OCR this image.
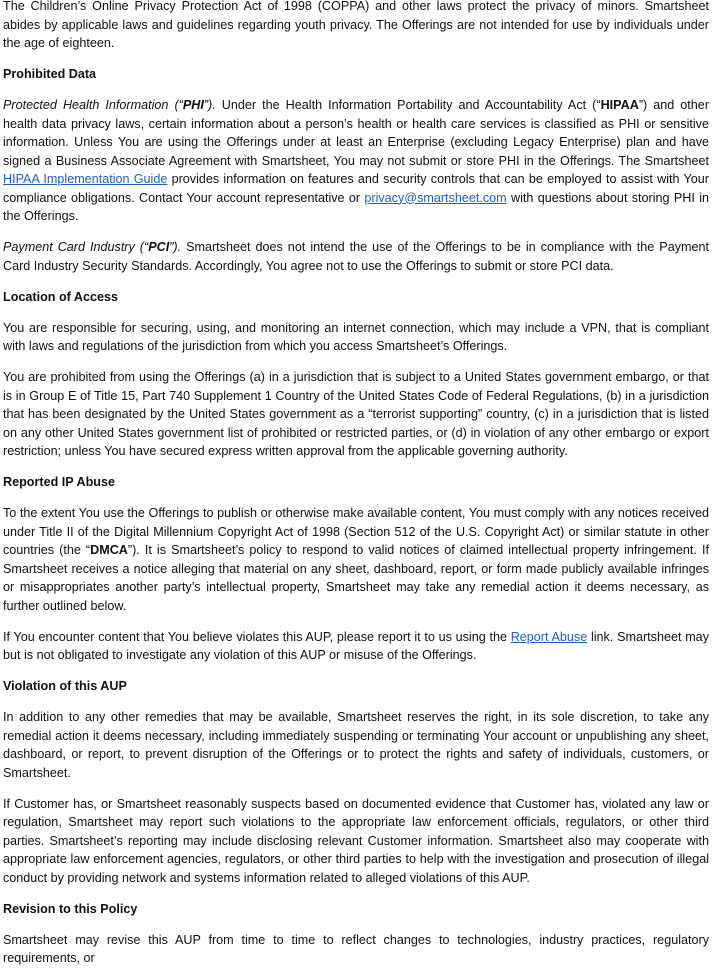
The Children’s Online Privacy Protection Act of 1998 (COPPA) and other laws protect the privacy of minors. Smartsheet abides by applicable laws and guidelines regarding youth privacy. The Offerings are not intended for use by individuals under the age of eighteen.

Prohibited Data

Protected Health Information (“PHI”). Under the Health Information Portability and Accountability Act (“HIPAA”) and other health data privacy laws, certain information about a person’s health or health care services is classified as PHI or sensitive information. Unless You are using the Offerings under at least an Enterprise (excluding Legacy Enterprise) plan and have signed a Business Associate Agreement with Smartsheet, You may not submit or store PHI in the Offerings. The Smartsheet HIPAA Implementation Guide provides information on features and security controls that can be employed to assist with Your compliance obligations. Contact Your account representative or privacy@smartsheet.com with questions about storing PHI in the Offerings.

Payment Card Industry (“PCI”). Smartsheet does not intend the use of the Offerings to be in compliance with the Payment Card Industry Security Standards. Accordingly, You agree not to use the Offerings to submit or store PCI data.

Location of Access

You are responsible for securing, using, and monitoring an internet connection, which may include a VPN, that is compliant with laws and regulations of the jurisdiction from which you access Smartsheet’s Offerings.

You are prohibited from using the Offerings (a) in a jurisdiction that is subject to a United States government embargo, or that is in Group E of Title 15, Part 740 Supplement 1 Country of the United States Code of Federal Regulations, (b) in a jurisdiction that has been designated by the United States government as a “terrorist supporting” country, (c) in a jurisdiction that is listed on any other United States government list of prohibited or restricted parties, or (d) in violation of any other embargo or export restriction; unless You have secured express written approval from the applicable governing authority.

Reported IP Abuse

To the extent You use the Offerings to publish or otherwise make available content, You must comply with any notices received under Title II of the Digital Millennium Copyright Act of 1998 (Section 512 of the U.S. Copyright Act) or similar statute in other countries (the “DMCA”). It is Smartsheet’s policy to respond to valid notices of claimed intellectual property infringement. If Smartsheet receives a notice alleging that material on any sheet, dashboard, report, or form made publicly available infringes or misappropriates another party’s intellectual property, Smartsheet may take any remedial action it deems necessary, as further outlined below.

If You encounter content that You believe violates this AUP, please report it to us using the Report Abuse link. Smartsheet may but is not obligated to investigate any violation of this AUP or misuse of the Offerings.

Violation of this AUP

In addition to any other remedies that may be available, Smartsheet reserves the right, in its sole discretion, to take any remedial action it deems necessary, including immediately suspending or terminating Your account or unpublishing any sheet, dashboard, or report, to prevent disruption of the Offerings or to protect the rights and safety of individuals, customers, or Smartsheet.

If Customer has, or Smartsheet reasonably suspects based on documented evidence that Customer has, violated any law or regulation, Smartsheet may report such violations to the appropriate law enforcement officials, regulators, or other third parties. Smartsheet’s reporting may include disclosing relevant Customer information. Smartsheet also may cooperate with appropriate law enforcement agencies, regulators, or other third parties to help with the investigation and prosecution of illegal conduct by providing network and systems information related to alleged violations of this AUP.

Revision to this Policy

Smartsheet may revise this AUP from time to time to reflect changes to technologies, industry practices, regulatory requirements, or
